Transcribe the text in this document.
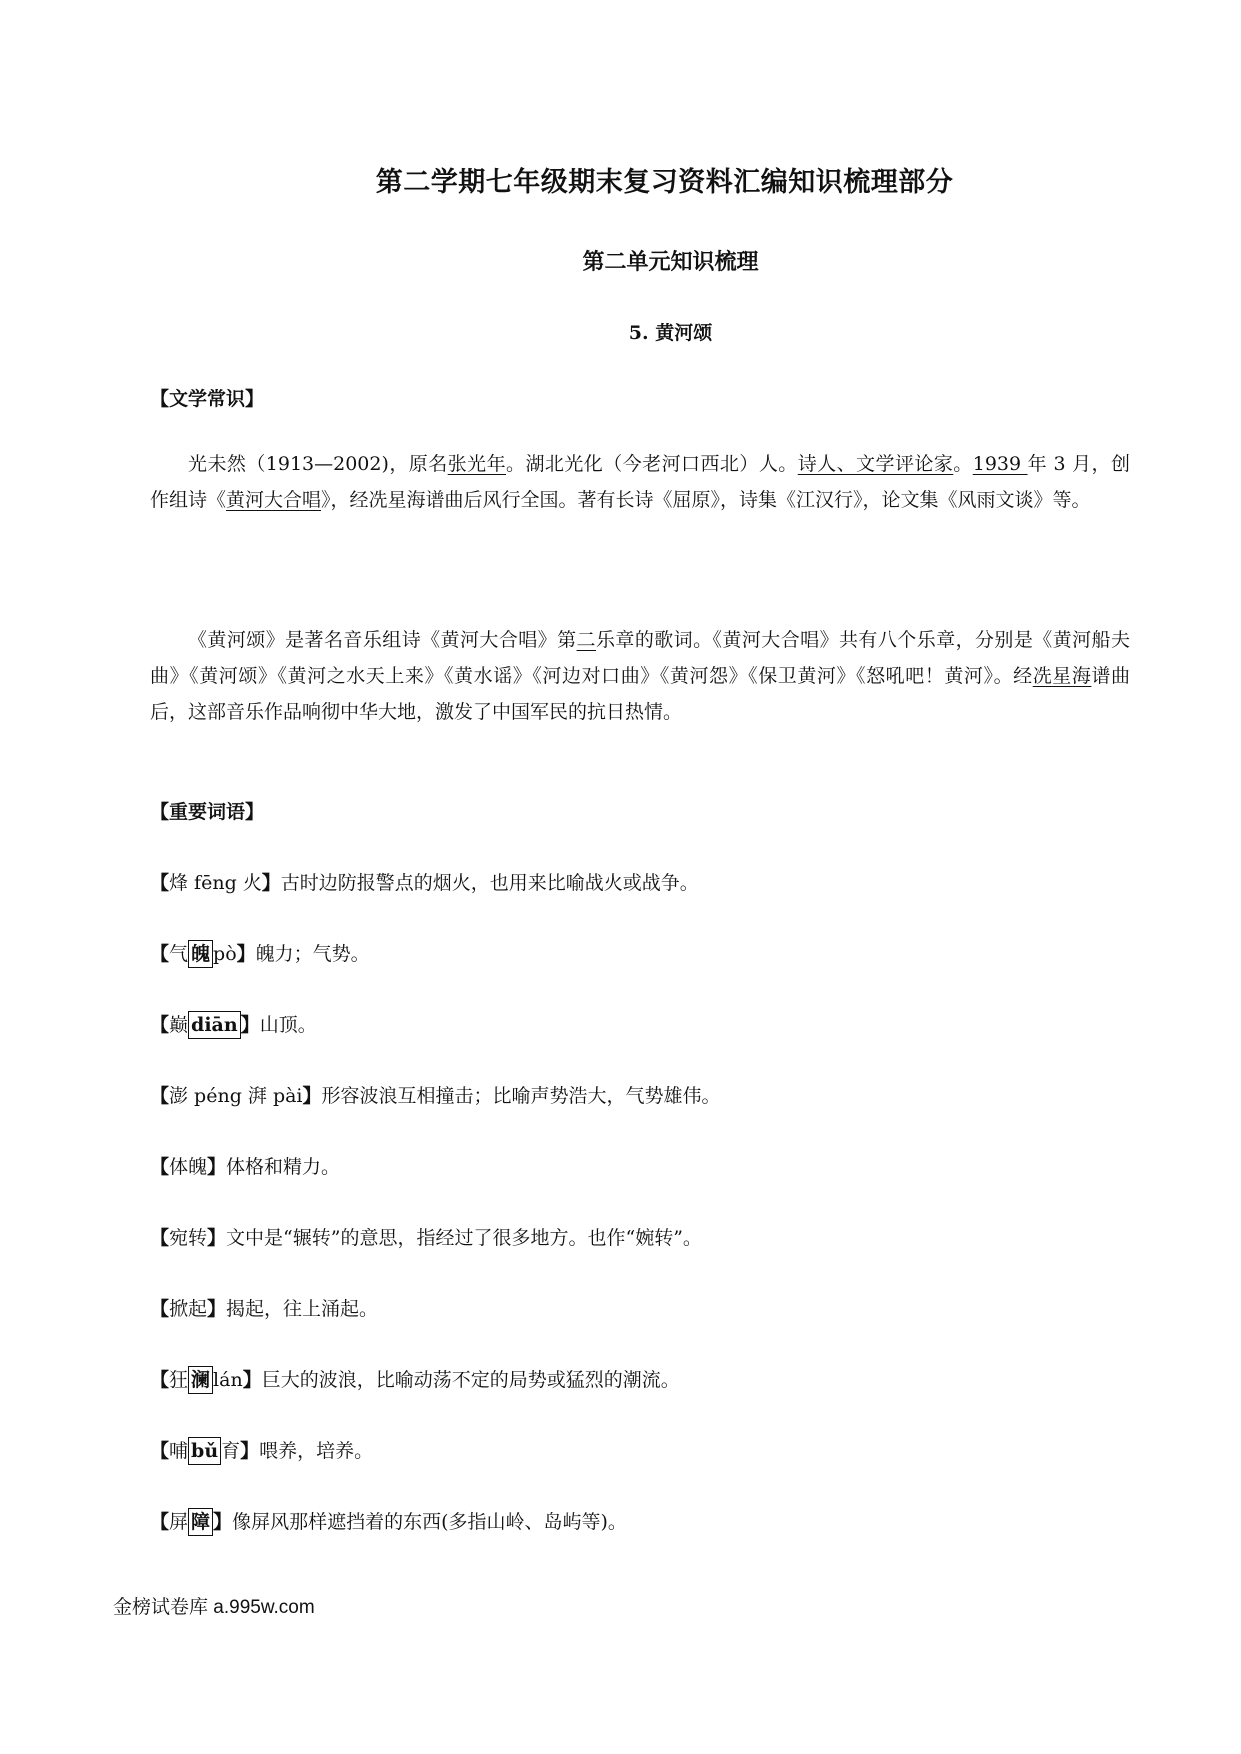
第二学期七年级期末复习资料汇编知识梳理部分
第二单元知识梳理
5. 黄河颂
【文学常识】
光未然（1913—2002)，原名张光年。湖北光化（今老河口西北）人。诗人、文学评论家。1939 年 3 月，创作组诗《黄河大合唱》，经冼星海谱曲后风行全国。著有长诗《屈原》，诗集《江汉行》，论文集《风雨文谈》等。
《黄河颂》是著名音乐组诗《黄河大合唱》第二乐章的歌词。《黄河大合唱》共有八个乐章，分别是《黄河船夫曲》《黄河颂》《黄河之水天上来》《黄水谣》《河边对口曲》《黄河怨》《保卫黄河》《怒吼吧！黄河》。经冼星海谱曲后，这部音乐作品响彻中华大地，激发了中国军民的抗日热情。
【重要词语】
【烽 fēng 火】古时边防报警点的烟火，也用来比喻战火或战争。
【气 魄 pò】魄力；气势。
【巅 diān 】山顶。
【澎 péng 湃 pài】形容波浪互相撞击；比喻声势浩大，气势雄伟。
【体魄】体格和精力。
【宛转】文中是“辗转”的意思，指经过了很多地方。也作“婉转”。
【掀起】揭起，往上涌起。
【狂 澜 lán】巨大的波浪，比喻动荡不定的局势或猛烈的潮流。
【哺 bǔ 育】喂养，培养。
【屏 障 】像屏风那样遮挡着的东西(多指山岭、岛屿等)。
金榜试卷库 a.995w.com
